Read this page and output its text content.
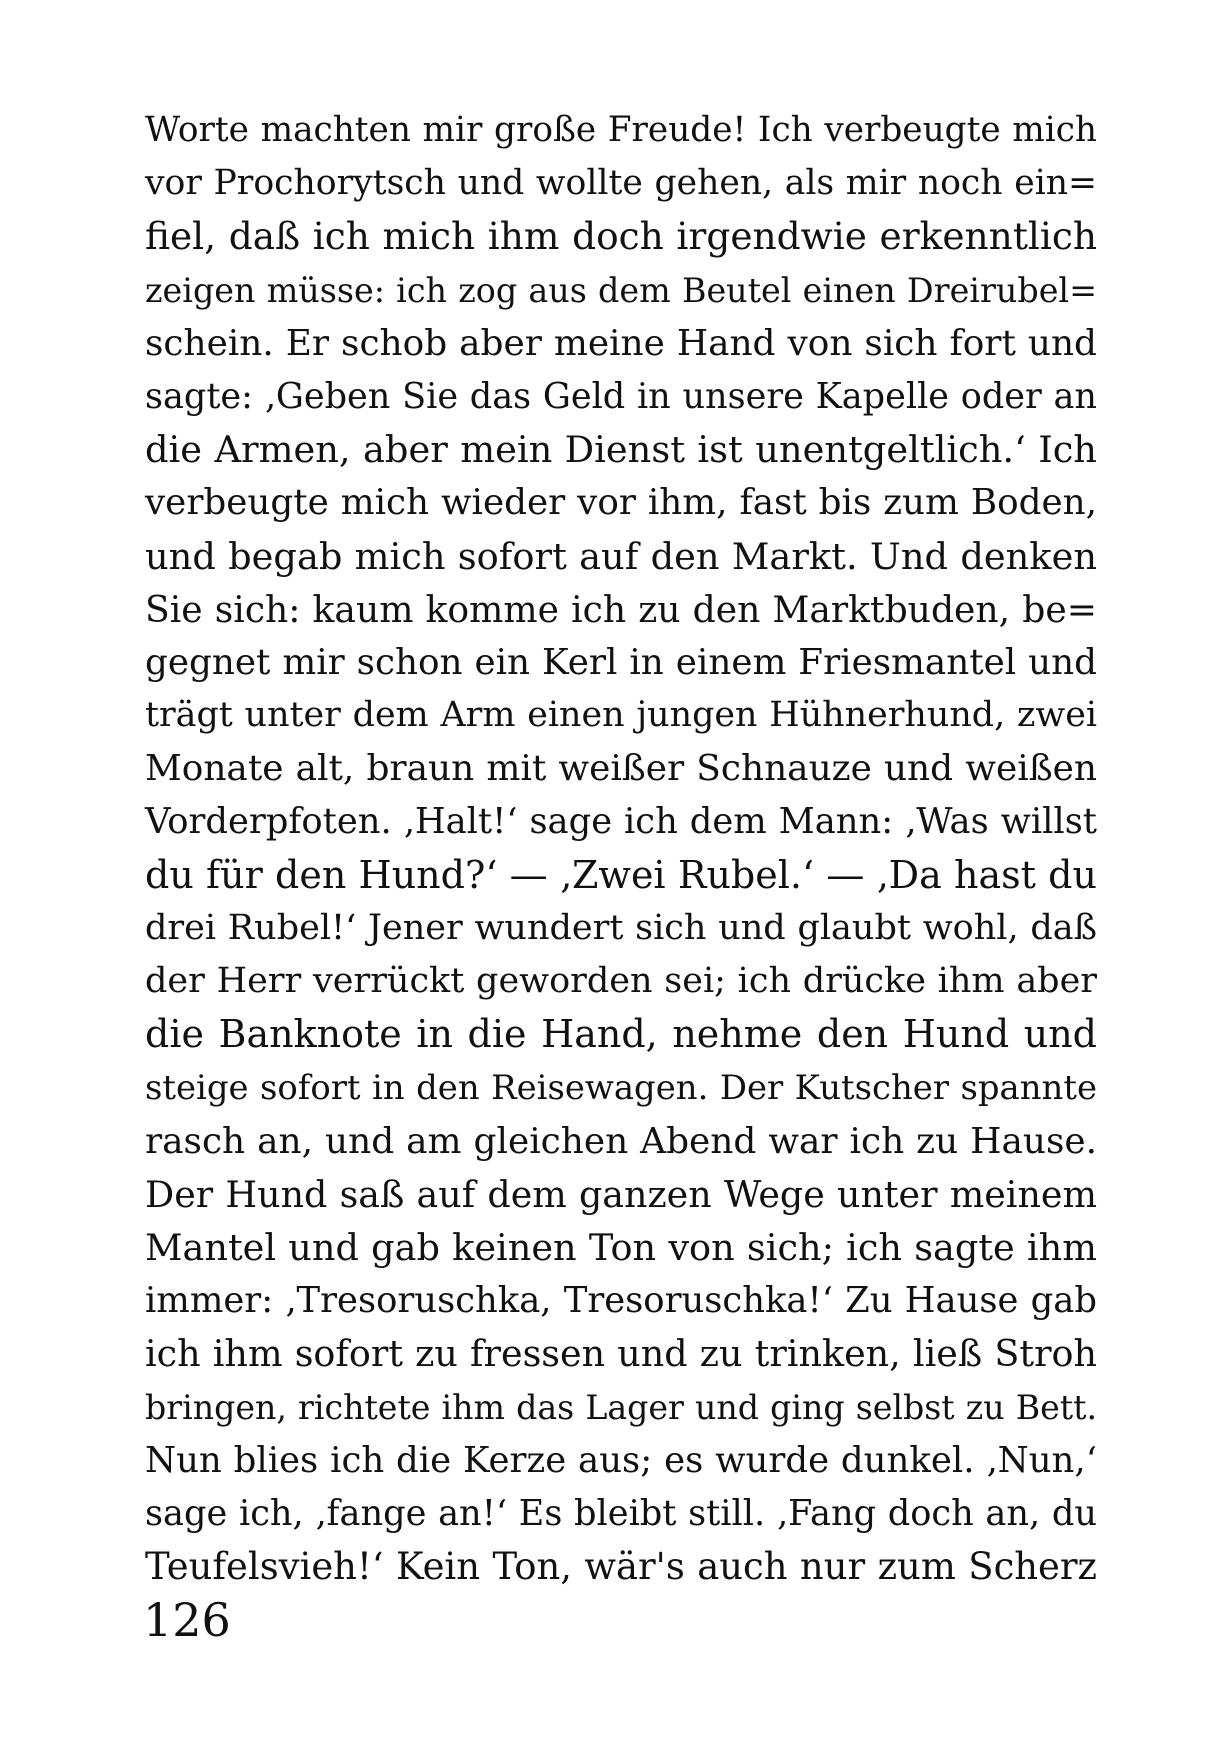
Worte machten mir große Freude! Ich verbeugte mich
vor Prochorytsch und wollte gehen, als mir noch ein=
fiel, daß ich mich ihm doch irgendwie erkenntlich
zeigen müsse: ich zog aus dem Beutel einen Dreirubel=
schein. Er schob aber meine Hand von sich fort und
sagte: ‚Geben Sie das Geld in unsere Kapelle oder an
die Armen, aber mein Dienst ist unentgeltlich.‘ Ich
verbeugte mich wieder vor ihm, fast bis zum Boden,
und begab mich sofort auf den Markt. Und denken
Sie sich: kaum komme ich zu den Marktbuden, be=
gegnet mir schon ein Kerl in einem Friesmantel und
trägt unter dem Arm einen jungen Hühnerhund, zwei
Monate alt, braun mit weißer Schnauze und weißen
Vorderpfoten. ‚Halt!‘ sage ich dem Mann: ‚Was willst
du für den Hund?‘ — ‚Zwei Rubel.‘ — ‚Da hast du
drei Rubel!‘ Jener wundert sich und glaubt wohl, daß
der Herr verrückt geworden sei; ich drücke ihm aber
die Banknote in die Hand, nehme den Hund und
steige sofort in den Reisewagen. Der Kutscher spannte
rasch an, und am gleichen Abend war ich zu Hause.
Der Hund saß auf dem ganzen Wege unter meinem
Mantel und gab keinen Ton von sich; ich sagte ihm
immer: ‚Tresoruschka, Tresoruschka!‘ Zu Hause gab
ich ihm sofort zu fressen und zu trinken, ließ Stroh
bringen, richtete ihm das Lager und ging selbst zu Bett.
Nun blies ich die Kerze aus; es wurde dunkel. ‚Nun,‘
sage ich, ‚fange an!‘ Es bleibt still. ‚Fang doch an, du
Teufelsvieh!‘ Kein Ton, wär's auch nur zum Scherz
126
